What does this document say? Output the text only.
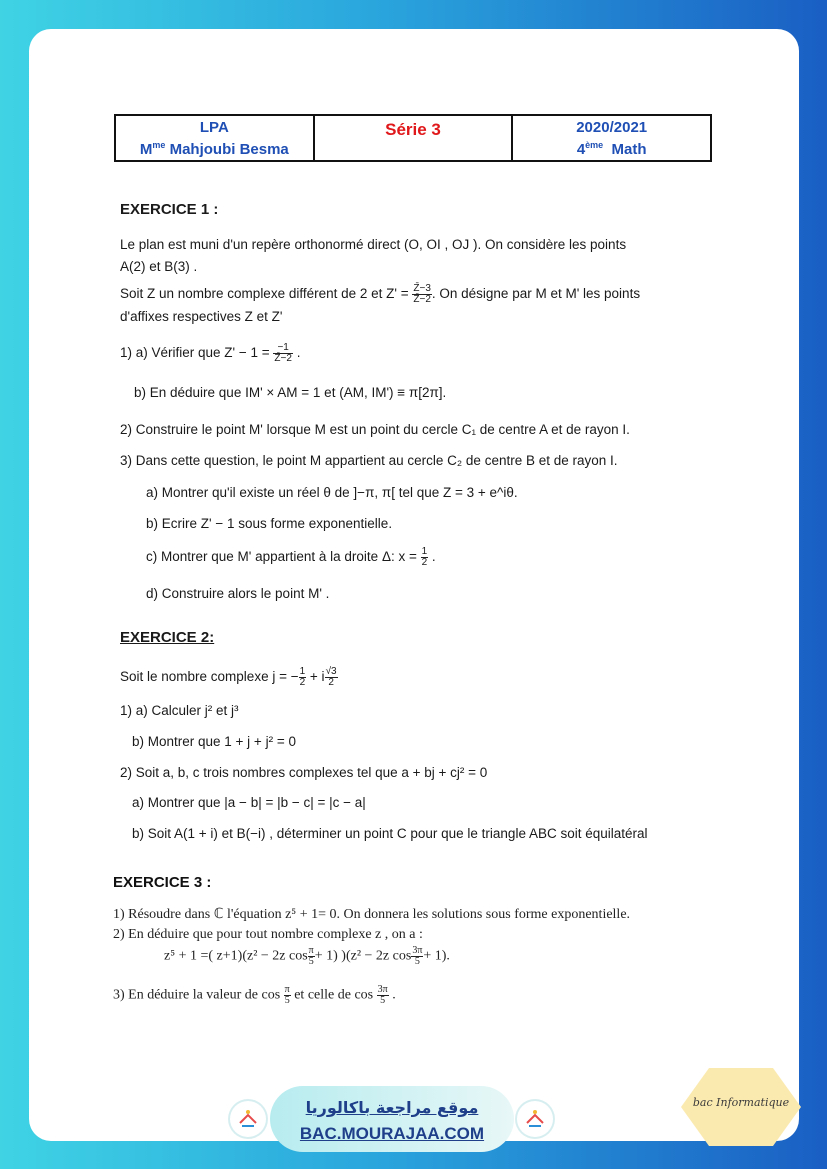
LPA
$M^{me}$ Mahjoubi Besma
Série 3	2020/2021
4ème Math
EXERCICE 1 :
Le plan est muni d'un repère orthonormé direct (O, OI , OJ ). On considère les points
A(2) et B(3) .
Soit Z un nombre complexe différent de 2 et $Z' = \frac{Z̄-3}{Z̄-2}$ . On désigne par M et M' les points
d'affixes respectives Z et Z'
1) a) Vérifier que $Z' - 1 = \frac{-1}{Z̄-2}$ .
b) En déduire que IM' × AM = 1 et (AM, IM') ≡ π[2π].
2) Construire le point M' lorsque M est un point du cercle C₁ de centre A et de rayon I.
3) Dans cette question, le point M appartient au cercle C₂ de centre B et de rayon I.
a) Montrer qu'il existe un réel θ de ]−π, π[ tel que Z = 3 + e^iθ.
b) Ecrire Z' − 1 sous forme exponentielle.
c) Montrer que M' appartient à la droite Δ: $x = \frac{1}{2}$ .
d) Construire alors le point M' .
EXERCICE 2:
Soit le nombre complexe j = − $\frac{1}{2} + i \frac{√3}{2}$
1) a) Calculer j² et j³
b) Montrer que 1 + j + j² = 0
2) Soit a, b, c trois nombres complexes tel que a + bj + cj² = 0
a) Montrer que |a − b| = |b − c| = |c − a|
b) Soit A(1 + i) et B(−i) , déterminer un point C pour que le triangle ABC soit équilatéral
EXERCICE 3 :
1) Résoudre dans ℂ l'équation z⁵ + 1= 0. On donnera les solutions sous forme exponentielle.
2) En déduire que pour tout nombre complexe z , on a :
z⁵ + 1 =( z+1)(z² − 2z $\cos \frac{\pi}{5} + 1$) )(z² − 2z $\cos \frac{3\pi}{5} + 1$).
3) En déduire la valeur de $\cos \frac{\pi}{5}$ et celle de $\cos \frac{3\pi}{5}$ .
موقع مراجعة باكالوريا
BAC.MOURAJAA.COM
bac Informatique
